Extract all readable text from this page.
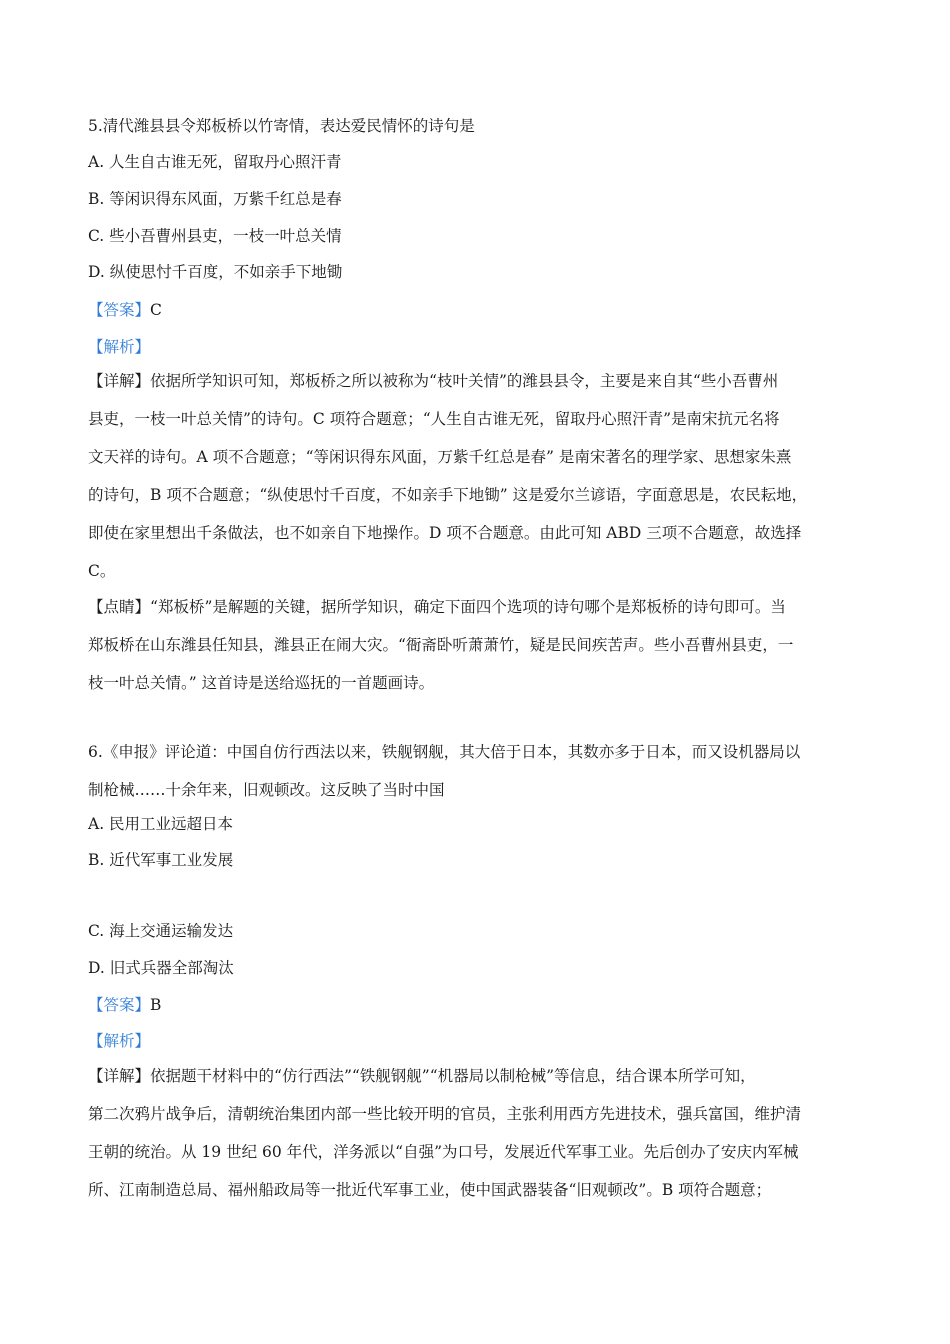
5.清代潍县县令郑板桥以竹寄情，表达爱民情怀的诗句是
A. 人生自古谁无死，留取丹心照汗青
B. 等闲识得东风面，万紫千红总是春
C. 些小吾曹州县吏，一枝一叶总关情
D. 纵使思忖千百度，不如亲手下地锄
【答案】C
【解析】
【详解】依据所学知识可知，郑板桥之所以被称为“枝叶关情”的潍县县令，主要是来自其“些小吾曹州
县吏，一枝一叶总关情”的诗句。C 项符合题意；“人生自古谁无死，留取丹心照汗青”是南宋抗元名将
文天祥的诗句。A 项不合题意；“等闲识得东风面，万紫千红总是春” 是南宋著名的理学家、思想家朱熹
的诗句，B 项不合题意；“纵使思忖千百度，不如亲手下地锄” 这是爱尔兰谚语，字面意思是，农民耘地，
即使在家里想出千条做法，也不如亲自下地操作。D 项不合题意。由此可知 ABD 三项不合题意，故选择
C。
【点睛】“郑板桥”是解题的关键，据所学知识，确定下面四个选项的诗句哪个是郑板桥的诗句即可。当
郑板桥在山东潍县任知县，潍县正在闹大灾。“衙斋卧听萧萧竹，疑是民间疾苦声。些小吾曹州县吏，一
枝一叶总关情。” 这首诗是送给巡抚的一首题画诗。
6.《申报》评论道：中国自仿行西法以来，铁舰钢舰，其大倍于日本，其数亦多于日本，而又设机器局以
制枪械……十余年来，旧观顿改。这反映了当时中国
A. 民用工业远超日本
B. 近代军事工业发展
C. 海上交通运输发达
D. 旧式兵器全部淘汰
【答案】B
【解析】
【详解】依据题干材料中的“仿行西法”“铁舰钢舰”“机器局以制枪械”等信息，结合课本所学可知，
第二次鸦片战争后，清朝统治集团内部一些比较开明的官员，主张利用西方先进技术，强兵富国，维护清
王朝的统治。从 19 世纪 60 年代，洋务派以“自强”为口号，发展近代军事工业。先后创办了安庆内军械
所、江南制造总局、福州船政局等一批近代军事工业，使中国武器装备“旧观顿改”。B 项符合题意；
